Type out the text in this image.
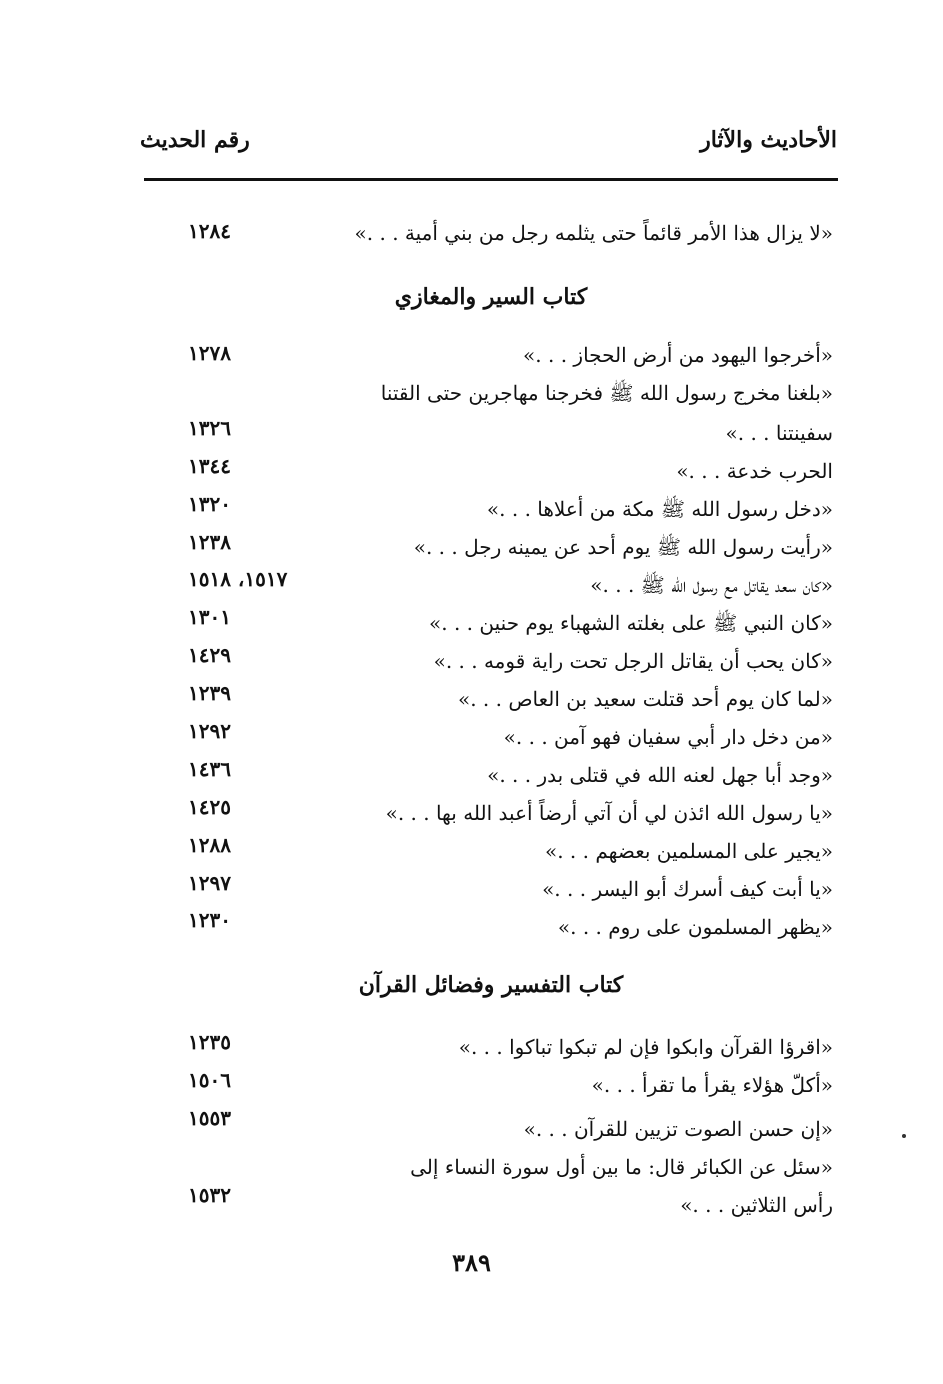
الأحاديث والآثار
رقم الحديث
«لا يزال هذا الأمر قائماً حتى يثلمه رجل من بني أمية . . .»
١٢٨٤
كتاب السير والمغازي
«أخرجوا اليهود من أرض الحجاز . . .»
١٢٧٨
«بلغنا مخرج رسول الله ﷺ فخرجنا مهاجرين حتى القتنا
سفينتنا . . .»
١٣٢٦
الحرب خدعة . . .»
١٣٤٤
«دخل رسول الله ﷺ مكة من أعلاها . . .»
١٣٢٠
«رأيت رسول الله ﷺ يوم أحد عن يمينه رجل . . .»
١٢٣٨
«كان سعد يقاتل مع رسول الله ﷺ . . .»
١٥١٧، ١٥١٨
«كان النبي ﷺ على بغلته الشهباء يوم حنين . . .»
١٣٠١
«كان يحب أن يقاتل الرجل تحت راية قومه . . .»
١٤٢٩
«لما كان يوم أحد قتلت سعيد بن العاص . . .»
١٢٣٩
«من دخل دار أبي سفيان فهو آمن . . .»
١٢٩٢
«وجد أبا جهل لعنه الله في قتلى بدر . . .»
١٤٣٦
«يا رسول الله ائذن لي أن آتي أرضاً أعبد الله بها . . .»
١٤٢٥
«يجير على المسلمين بعضهم . . .»
١٢٨٨
«يا أبت كيف أسرك أبو اليسر . . .»
١٢٩٧
«يظهر المسلمون على روم . . .»
١٢٣٠
كتاب التفسير وفضائل القرآن
«اقرؤا القرآن وابكوا فإن لم تبكوا تباكوا . . .»
١٢٣٥
«أكلّ هؤلاء يقرأ ما تقرأ . . .»
١٥٠٦
«إن حسن الصوت تزيين للقرآن . . .»
١٥٥٣
«سئل عن الكبائر قال: ما بين أول سورة النساء إلى
رأس الثلاثين . . .»
١٥٣٢
٣٨٩
